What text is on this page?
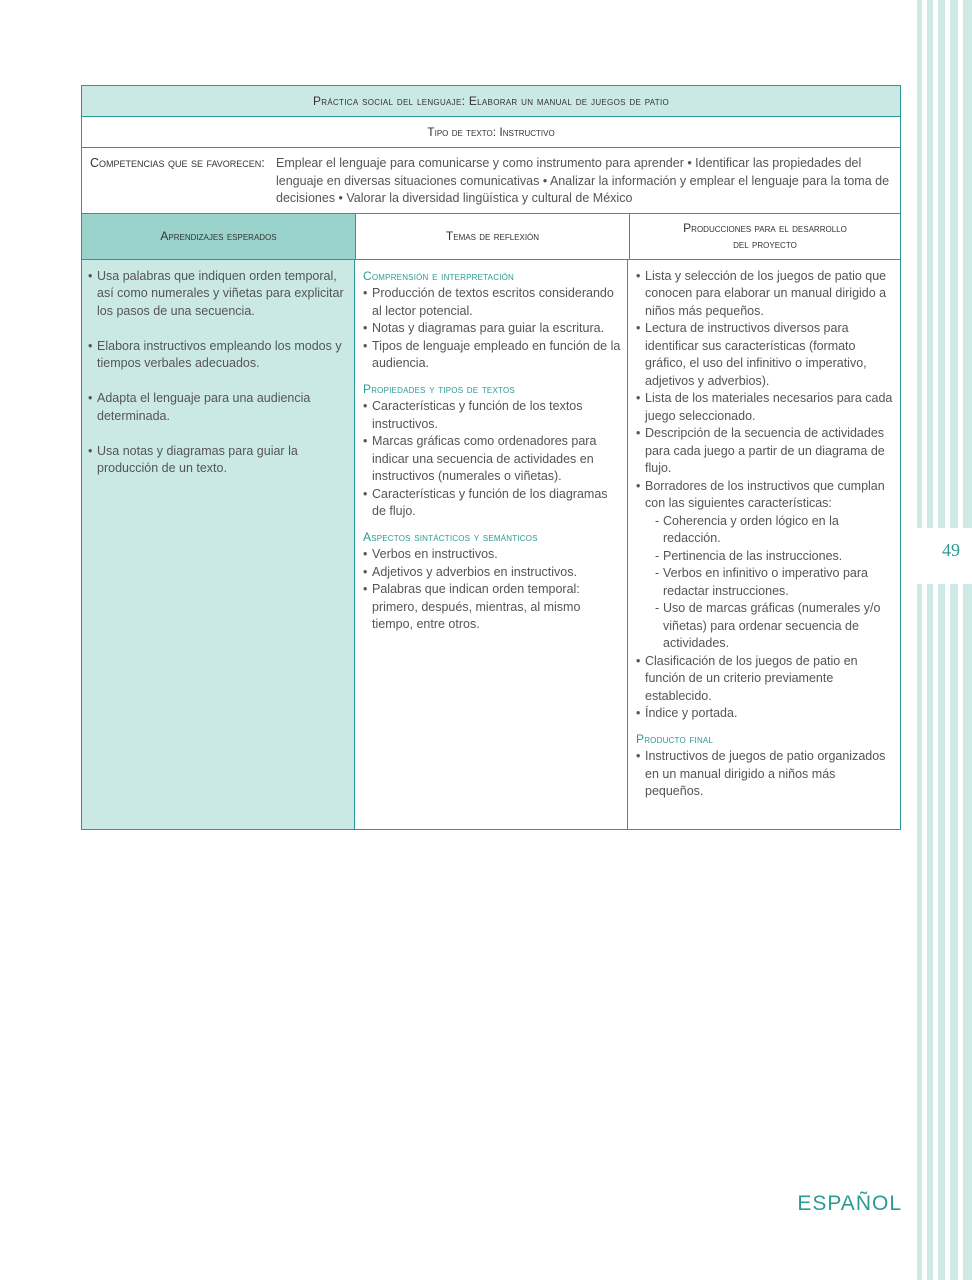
49
ESPAÑOL
Práctica social del lenguaje: Elaborar un manual de juegos de patio
Tipo de texto: Instructivo
Competencias que se favorecen: Emplear el lenguaje para comunicarse y como instrumento para aprender • Identificar las propiedades del lenguaje en diversas situaciones comunicativas • Analizar la información y emplear el lenguaje para la toma de decisiones • Valorar la diversidad lingüística y cultural de México
Aprendizajes esperados	Temas de reflexión
Producciones para el desarrollo
del proyecto
• Usa palabras que indiquen orden temporal, así como numerales y viñetas para explicitar los pasos de una secuencia.
• Elabora instructivos empleando los modos y tiempos verbales adecuados.
• Adapta el lenguaje para una audiencia determinada.
• Usa notas y diagramas para guiar la producción de un texto.
Comprensión e interpretación
• Producción de textos escritos considerando al lector potencial.
• Notas y diagramas para guiar la escritura.
• Tipos de lenguaje empleado en función de la audiencia.
Propiedades y tipos de textos
• Características y función de los textos instructivos.
• Marcas gráficas como ordenadores para indicar una secuencia de actividades en instructivos (numerales o viñetas).
• Características y función de los diagramas de flujo.
Aspectos sintácticos y semánticos
• Verbos en instructivos.
• Adjetivos y adverbios en instructivos.
• Palabras que indican orden temporal: primero, después, mientras, al mismo tiempo, entre otros.
• Lista y selección de los juegos de patio que conocen para elaborar un manual dirigido a niños más pequeños.
• Lectura de instructivos diversos para identificar sus características (formato gráfico, el uso del infinitivo o imperativo, adjetivos y adverbios).
• Lista de los materiales necesarios para cada juego seleccionado.
• Descripción de la secuencia de actividades para cada juego a partir de un diagrama de flujo.
• Borradores de los instructivos que cumplan con las siguientes características:
- Coherencia y orden lógico en la redacción.
- Pertinencia de las instrucciones.
- Verbos en infinitivo o imperativo para redactar instrucciones.
- Uso de marcas gráficas (numerales y/o viñetas) para ordenar secuencia de actividades.
• Clasificación de los juegos de patio en función de un criterio previamente establecido.
• Índice y portada.
Producto final
• Instructivos de juegos de patio organizados en un manual dirigido a niños más pequeños.
